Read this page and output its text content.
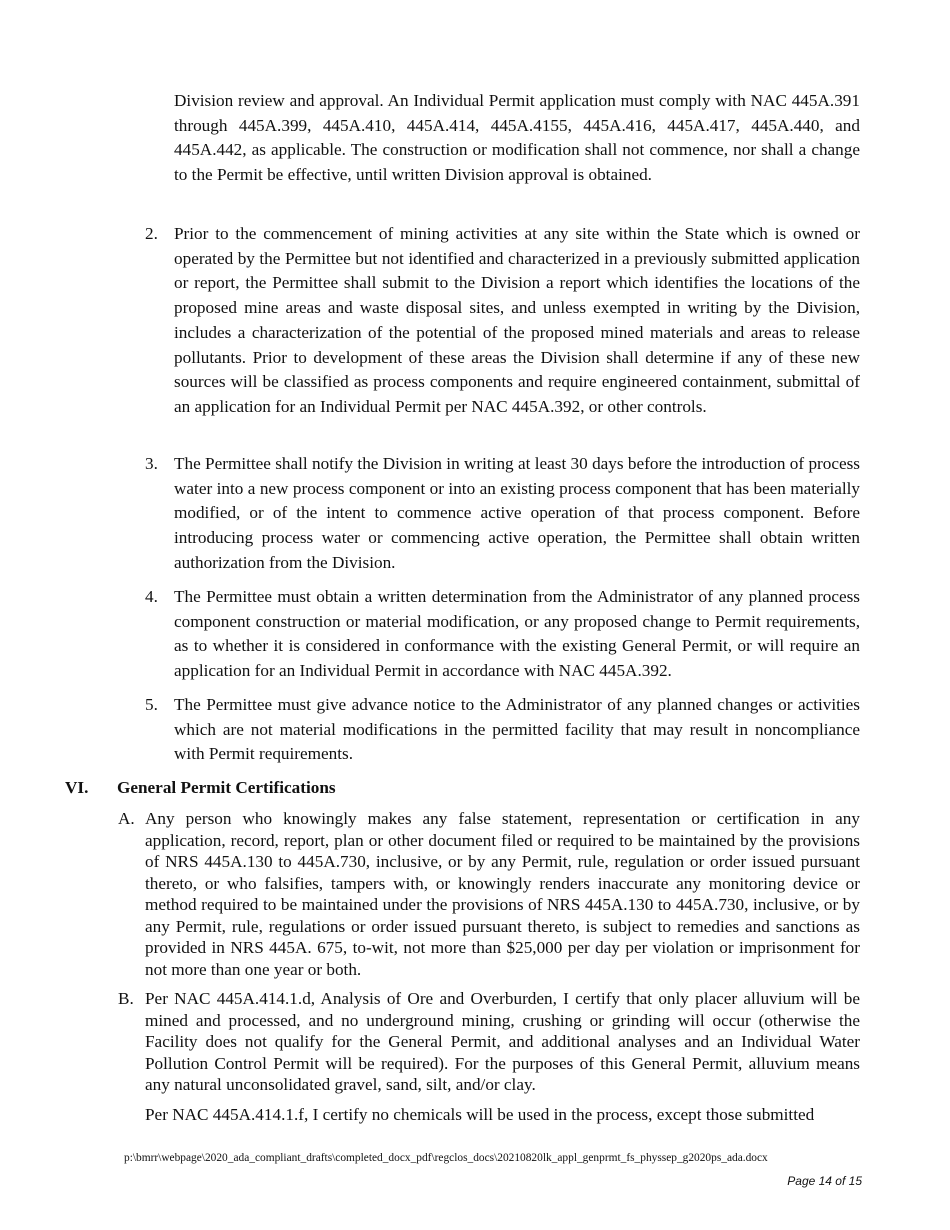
Division review and approval. An Individual Permit application must comply with NAC 445A.391 through 445A.399, 445A.410, 445A.414, 445A.4155, 445A.416, 445A.417, 445A.440, and 445A.442, as applicable. The construction or modification shall not commence, nor shall a change to the Permit be effective, until written Division approval is obtained.

2. Prior to the commencement of mining activities at any site within the State which is owned or operated by the Permittee but not identified and characterized in a previously submitted application or report, the Permittee shall submit to the Division a report which identifies the locations of the proposed mine areas and waste disposal sites, and unless exempted in writing by the Division, includes a characterization of the potential of the proposed mined materials and areas to release pollutants. Prior to development of these areas the Division shall determine if any of these new sources will be classified as process components and require engineered containment, submittal of an application for an Individual Permit per NAC 445A.392, or other controls.

3. The Permittee shall notify the Division in writing at least 30 days before the introduction of process water into a new process component or into an existing process component that has been materially modified, or of the intent to commence active operation of that process component. Before introducing process water or commencing active operation, the Permittee shall obtain written authorization from the Division.

4. The Permittee must obtain a written determination from the Administrator of any planned process component construction or material modification, or any proposed change to Permit requirements, as to whether it is considered in conformance with the existing General Permit, or will require an application for an Individual Permit in accordance with NAC 445A.392.

5. The Permittee must give advance notice to the Administrator of any planned changes or activities which are not material modifications in the permitted facility that may result in noncompliance with Permit requirements.

VI. General Permit Certifications

A. Any person who knowingly makes any false statement, representation or certification in any application, record, report, plan or other document filed or required to be maintained by the provisions of NRS 445A.130 to 445A.730, inclusive, or by any Permit, rule, regulation or order issued pursuant thereto, or who falsifies, tampers with, or knowingly renders inaccurate any monitoring device or method required to be maintained under the provisions of NRS 445A.130 to 445A.730, inclusive, or by any Permit, rule, regulations or order issued pursuant thereto, is subject to remedies and sanctions as provided in NRS 445A. 675, to-wit, not more than $25,000 per day per violation or imprisonment for not more than one year or both.

B. Per NAC 445A.414.1.d, Analysis of Ore and Overburden, I certify that only placer alluvium will be mined and processed, and no underground mining, crushing or grinding will occur (otherwise the Facility does not qualify for the General Permit, and additional analyses and an Individual Water Pollution Control Permit will be required). For the purposes of this General Permit, alluvium means any natural unconsolidated gravel, sand, silt, and/or clay.

Per NAC 445A.414.1.f, I certify no chemicals will be used in the process, except those submitted

p:\bmrr\webpage\2020_ada_compliant_drafts\completed_docx_pdf\regclos_docs\20210820lk_appl_genprmt_fs_physsep_g2020ps_ada.docx

Page 14 of 15
